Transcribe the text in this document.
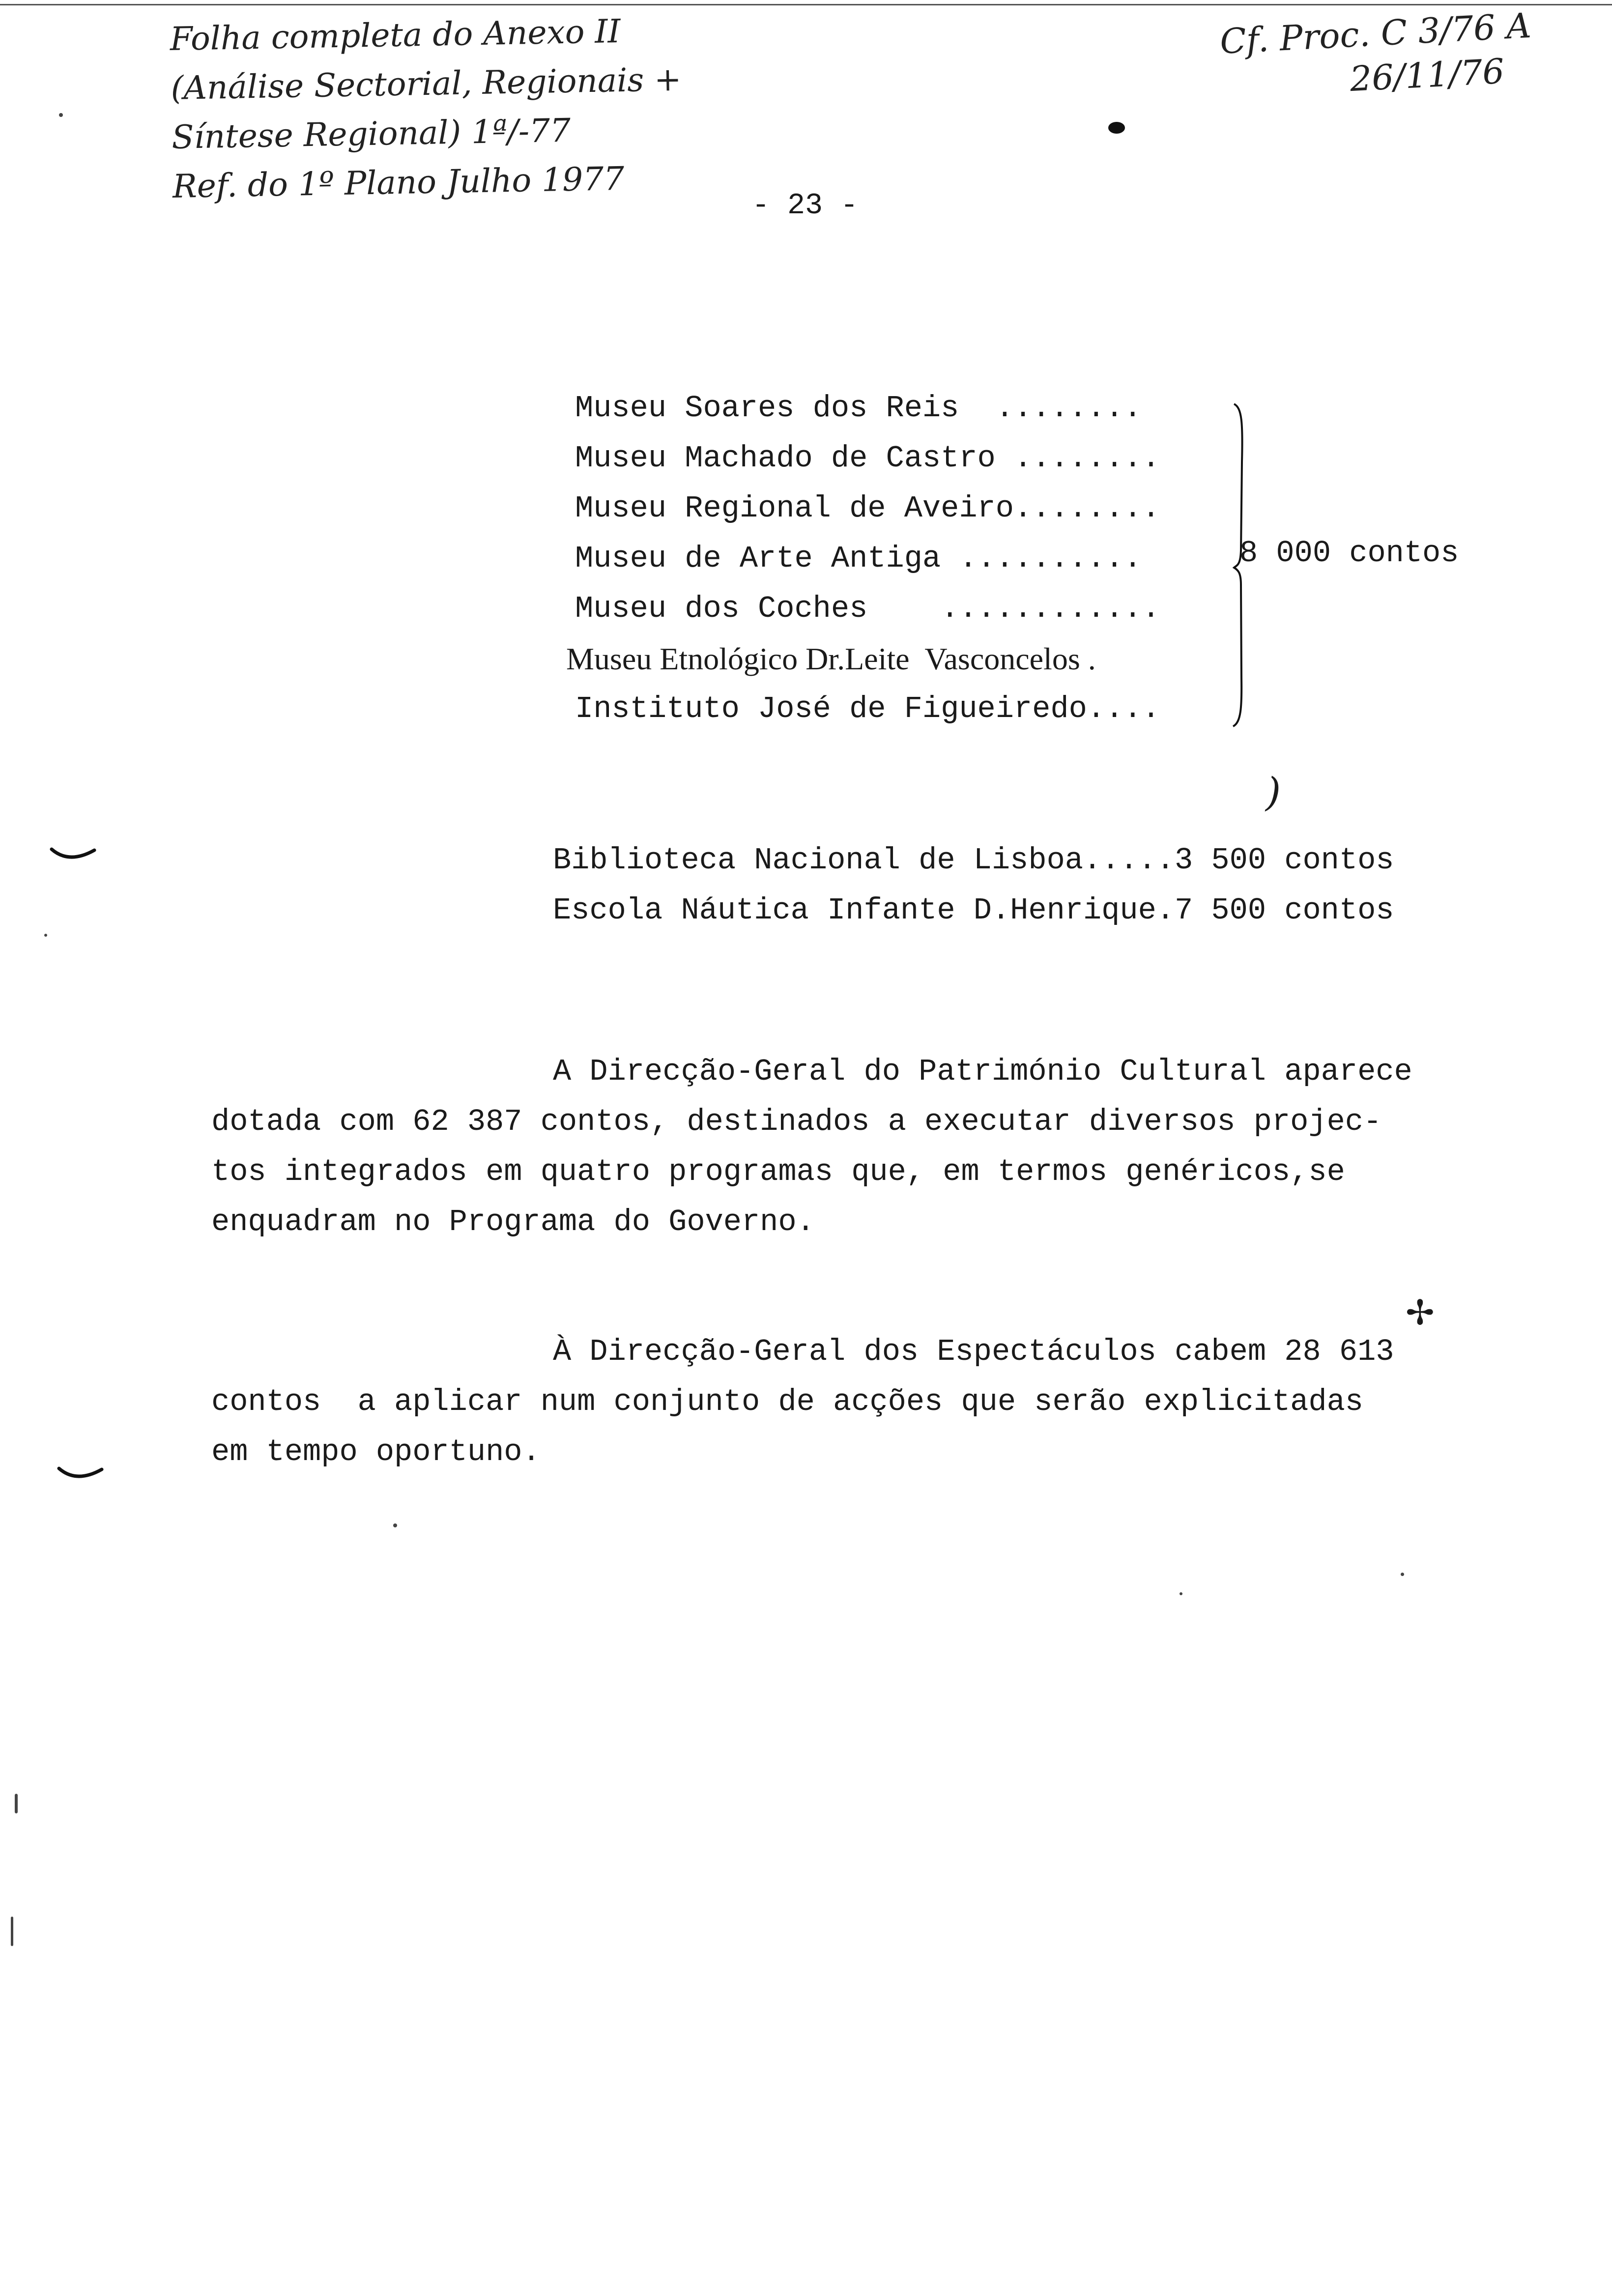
Folha completa do Anexo II
(Análise Sectorial, Regionais +
Síntese Regional) 1ª/-77
Ref. do 1º Plano Julho 1977
Cf. Proc. C 3/76 A
26/11/76
- 23 -
Museu Soares dos Reis  ........
Museu Machado de Castro ........
Museu Regional de Aveiro........
Museu de Arte Antiga ..........
Museu dos Coches    ............
Museu Etnológico Dr.Leite  Vasconcelos .
Instituto José de Figueiredo....
8 000 contos
)
Biblioteca Nacional de Lisboa.....3 500 contos
Escola Náutica Infante D.Henrique.7 500 contos
A Direcção-Geral do Património Cultural aparece
dotada com 62 387 contos, destinados a executar diversos projec-
tos integrados em quatro programas que, em termos genéricos,se
enquadram no Programa do Governo.
✢
À Direcção-Geral dos Espectáculos cabem 28 613
contos  a aplicar num conjunto de acções que serão explicitadas
em tempo oportuno.
